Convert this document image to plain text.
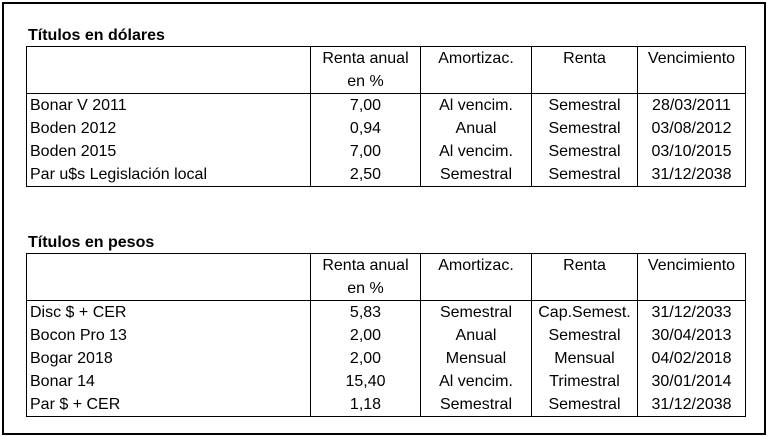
Títulos en dólares
	Renta anual	Amortizac.	Renta	Vencimiento
	en %			
Bonar V 2011	7,00	Al vencim.	Semestral	28/03/2011
Boden 2012	0,94	Anual	Semestral	03/08/2012
Boden 2015	7,00	Al vencim.	Semestral	03/10/2015
Par u$s Legislación local	2,50	Semestral	Semestral	31/12/2038
Títulos en pesos
	Renta anual	Amortizac.	Renta	Vencimiento
	en %			
Disc $ + CER	5,83	Semestral	Cap.Semest.	31/12/2033
Bocon Pro 13	2,00	Anual	Semestral	30/04/2013
Bogar 2018	2,00	Mensual	Mensual	04/02/2018
Bonar 14	15,40	Al vencim.	Trimestral	30/01/2014
Par $ + CER	1,18	Semestral	Semestral	31/12/2038
